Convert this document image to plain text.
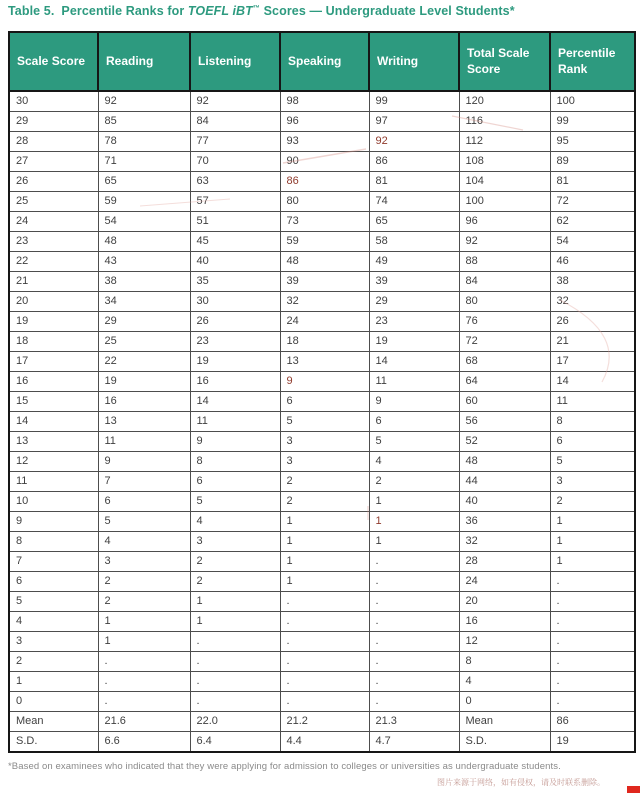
Table 5. Percentile Ranks for TOEFL iBT™ Scores — Undergraduate Level Students*
Scale Score	Reading	Listening	Speaking	Writing	Total Scale Score	Percentile Rank
30	92	92	98	99	120	100
29	85	84	96	97	116	99
28	78	77	93	92	112	95
27	71	70	90	86	108	89
26	65	63	86	81	104	81
25	59	57	80	74	100	72
24	54	51	73	65	96	62
23	48	45	59	58	92	54
22	43	40	48	49	88	46
21	38	35	39	39	84	38
20	34	30	32	29	80	32
19	29	26	24	23	76	26
18	25	23	18	19	72	21
17	22	19	13	14	68	17
16	19	16	9	11	64	14
15	16	14	6	9	60	11
14	13	11	5	6	56	8
13	11	9	3	5	52	6
12	9	8	3	4	48	5
11	7	6	2	2	44	3
10	6	5	2	1	40	2
9	5	4	1	1	36	1
8	4	3	1	1	32	1
7	3	2	1	.	28	1
6	2	2	1	.	24	.
5	2	1	.	.	20	.
4	1	1	.	.	16	.
3	1	.	.	.	12	.
2	.	.	.	.	8	.
1	.	.	.	.	4	.
0	.	.	.	.	0	.
Mean	21.6	22.0	21.2	21.3	Mean	86
S.D.	6.6	6.4	4.4	4.7	S.D.	19
*Based on examinees who indicated that they were applying for admission to colleges or universities as undergraduate students.
图片来源于网络，如有侵权，请及时联系删除。
